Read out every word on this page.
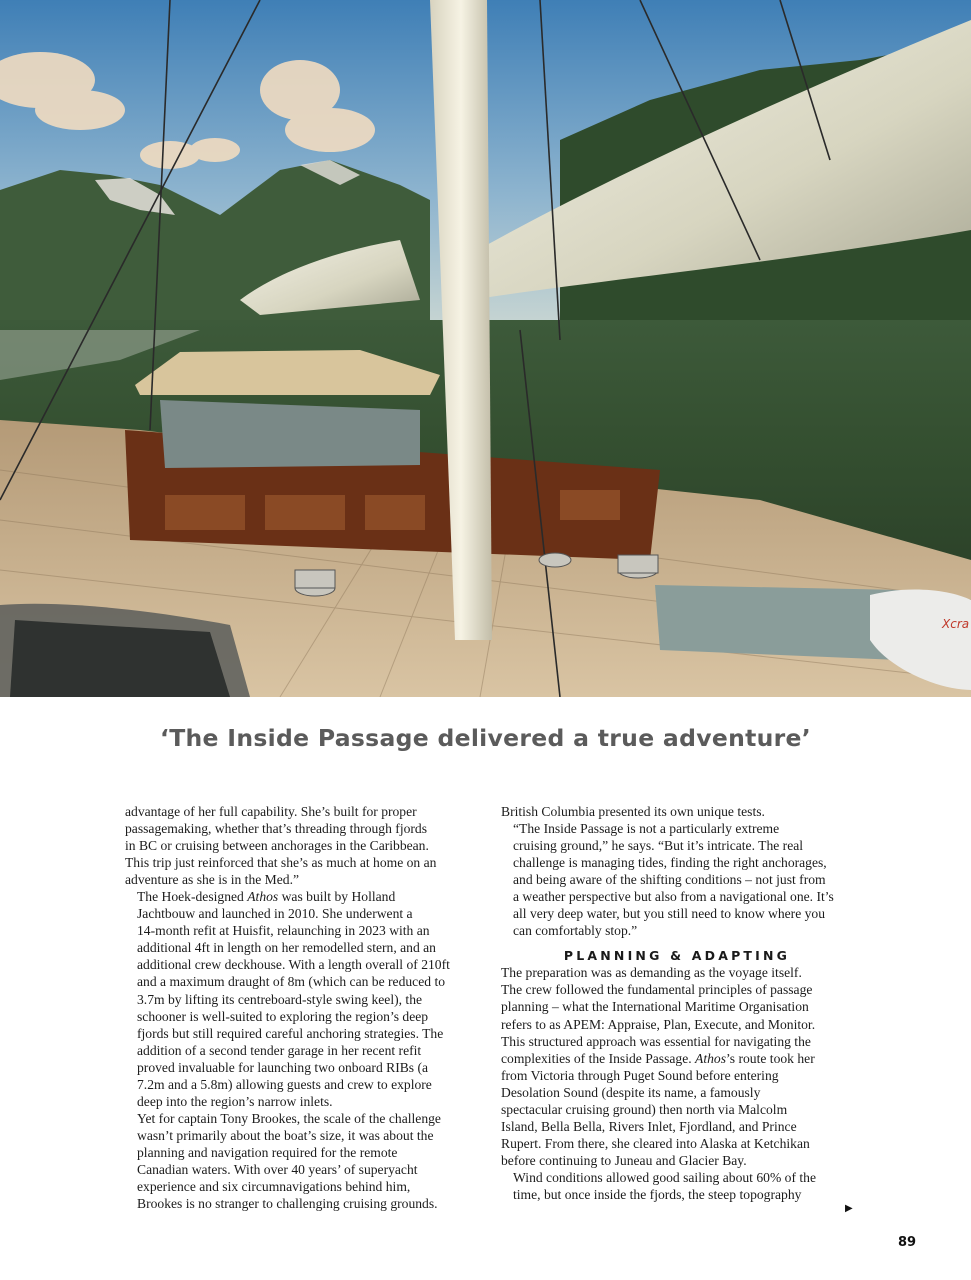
Xcra
‘The Inside Passage delivered a true adventure’

advantage of her full capability. She’s built for proper
passagemaking, whether that’s threading through fjords
in BC or cruising between anchorages in the Caribbean.
This trip just reinforced that she’s as much at home on an
adventure as she is in the Med.”

The Hoek-designed Athos was built by Holland
Jachtbouw and launched in 2010. She underwent a
14-month refit at Huisfit, relaunching in 2023 with an
additional 4ft in length on her remodelled stern, and an
additional crew deckhouse. With a length overall of 210ft
and a maximum draught of 8m (which can be reduced to
3.7m by lifting its centreboard-style swing keel), the
schooner is well-suited to exploring the region’s deep
fjords but still required careful anchoring strategies. The
addition of a second tender garage in her recent refit
proved invaluable for launching two onboard RIBs (a
7.2m and a 5.8m) allowing guests and crew to explore
deep into the region’s narrow inlets.

Yet for captain Tony Brookes, the scale of the challenge
wasn’t primarily about the boat’s size, it was about the
planning and navigation required for the remote
Canadian waters. With over 40 years’ of superyacht
experience and six circumnavigations behind him,
Brookes is no stranger to challenging cruising grounds.

British Columbia presented its own unique tests.

“The Inside Passage is not a particularly extreme
cruising ground,” he says. “But it’s intricate. The real
challenge is managing tides, finding the right anchorages,
and being aware of the shifting conditions – not just from
a weather perspective but also from a navigational one. It’s
all very deep water, but you still need to know where you
can comfortably stop.”

PLANNING & ADAPTING

The preparation was as demanding as the voyage itself.
The crew followed the fundamental principles of passage
planning – what the International Maritime Organisation
refers to as APEM: Appraise, Plan, Execute, and Monitor.
This structured approach was essential for navigating the
complexities of the Inside Passage. Athos’s route took her
from Victoria through Puget Sound before entering
Desolation Sound (despite its name, a famously
spectacular cruising ground) then north via Malcolm
Island, Bella Bella, Rivers Inlet, Fjordland, and Prince
Rupert. From there, she cleared into Alaska at Ketchikan
before continuing to Juneau and Glacier Bay.

Wind conditions allowed good sailing about 60% of the
time, but once inside the fjords, the steep topography

▶
89
